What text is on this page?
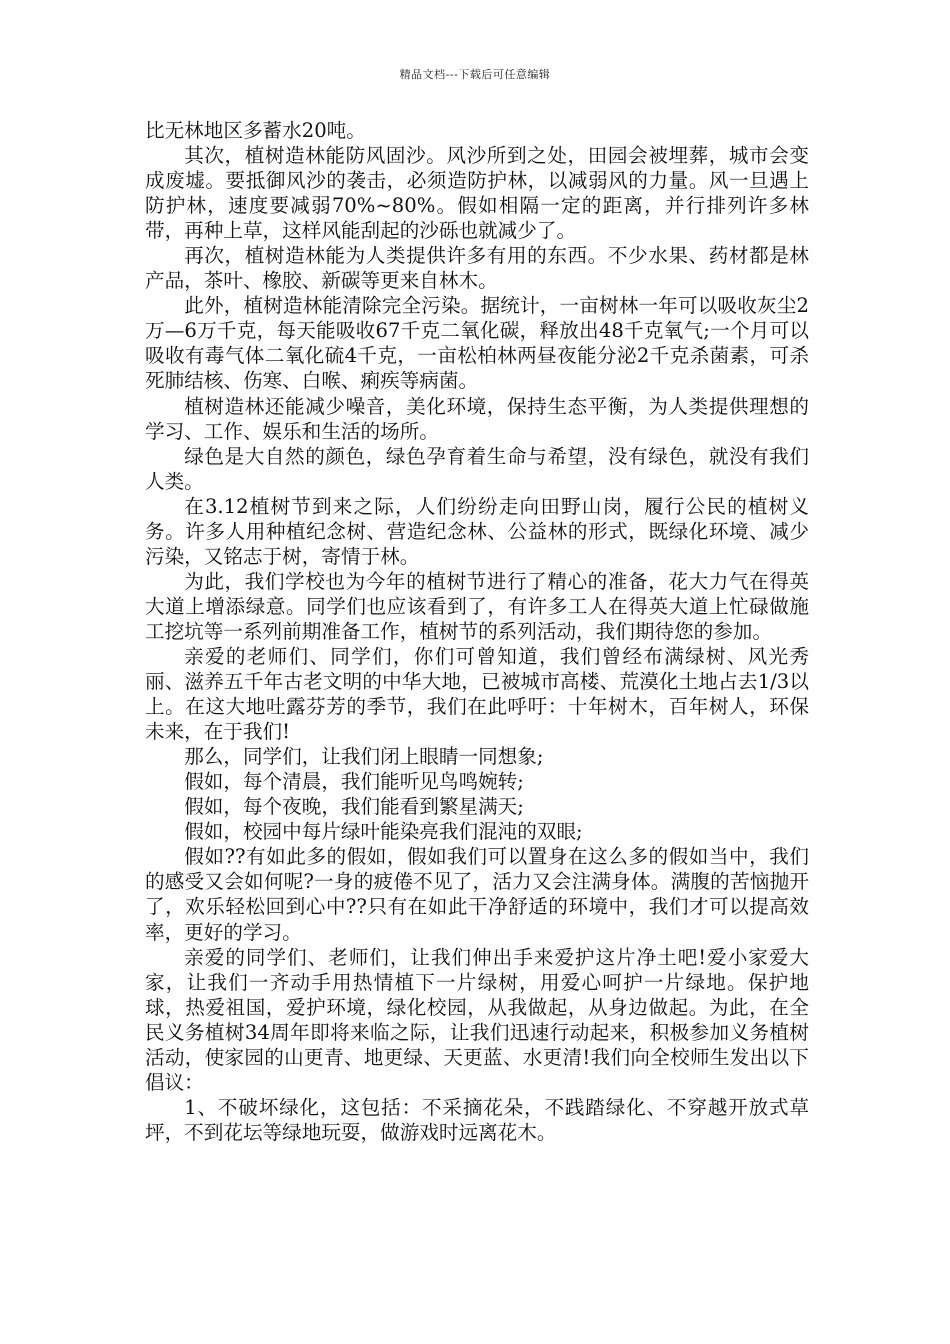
精品文档---下载后可任意编辑

比无林地区多蓄水20吨。

其次，植树造林能防风固沙。风沙所到之处，田园会被埋葬，城市会变成废墟。要抵御风沙的袭击，必须造防护林，以减弱风的力量。风一旦遇上防护林，速度要减弱70%~80%。假如相隔一定的距离，并行排列许多林带，再种上草，这样风能刮起的沙砾也就减少了。

再次，植树造林能为人类提供许多有用的东西。不少水果、药材都是林产品，茶叶、橡胶、新碳等更来自林木。

此外，植树造林能清除完全污染。据统计，一亩树林一年可以吸收灰尘2万—6万千克，每天能吸收67千克二氧化碳，释放出48千克氧气;一个月可以吸收有毒气体二氧化硫4千克，一亩松柏林两昼夜能分泌2千克杀菌素，可杀死肺结核、伤寒、白喉、痢疾等病菌。

植树造林还能减少噪音，美化环境，保持生态平衡，为人类提供理想的学习、工作、娱乐和生活的场所。

绿色是大自然的颜色，绿色孕育着生命与希望，没有绿色，就没有我们人类。

在3.12植树节到来之际，人们纷纷走向田野山岗，履行公民的植树义务。许多人用种植纪念树、营造纪念林、公益林的形式，既绿化环境、减少污染，又铭志于树，寄情于林。

为此，我们学校也为今年的植树节进行了精心的准备，花大力气在得英大道上增添绿意。同学们也应该看到了，有许多工人在得英大道上忙碌做施工挖坑等一系列前期准备工作，植树节的系列活动，我们期待您的参加。

亲爱的老师们、同学们，你们可曾知道，我们曾经布满绿树、风光秀丽、滋养五千年古老文明的中华大地，已被城市高楼、荒漠化土地占去1/3以上。在这大地吐露芬芳的季节，我们在此呼吁：十年树木，百年树人，环保未来，在于我们!

那么，同学们，让我们闭上眼睛一同想象;

假如，每个清晨，我们能听见鸟鸣婉转;

假如，每个夜晚，我们能看到繁星满天;

假如，校园中每片绿叶能染亮我们混沌的双眼;

假如??有如此多的假如，假如我们可以置身在这么多的假如当中，我们的感受又会如何呢?一身的疲倦不见了，活力又会注满身体。满腹的苦恼抛开了，欢乐轻松回到心中??只有在如此干净舒适的环境中，我们才可以提高效率，更好的学习。

亲爱的同学们、老师们，让我们伸出手来爱护这片净土吧!爱小家爱大家，让我们一齐动手用热情植下一片绿树，用爱心呵护一片绿地。保护地球，热爱祖国，爱护环境，绿化校园，从我做起，从身边做起。为此，在全民义务植树34周年即将来临之际，让我们迅速行动起来，积极参加义务植树活动，使家园的山更青、地更绿、天更蓝、水更清!我们向全校师生发出以下倡议：

1、不破坏绿化，这包括：不采摘花朵，不践踏绿化、不穿越开放式草坪，不到花坛等绿地玩耍，做游戏时远离花木。
